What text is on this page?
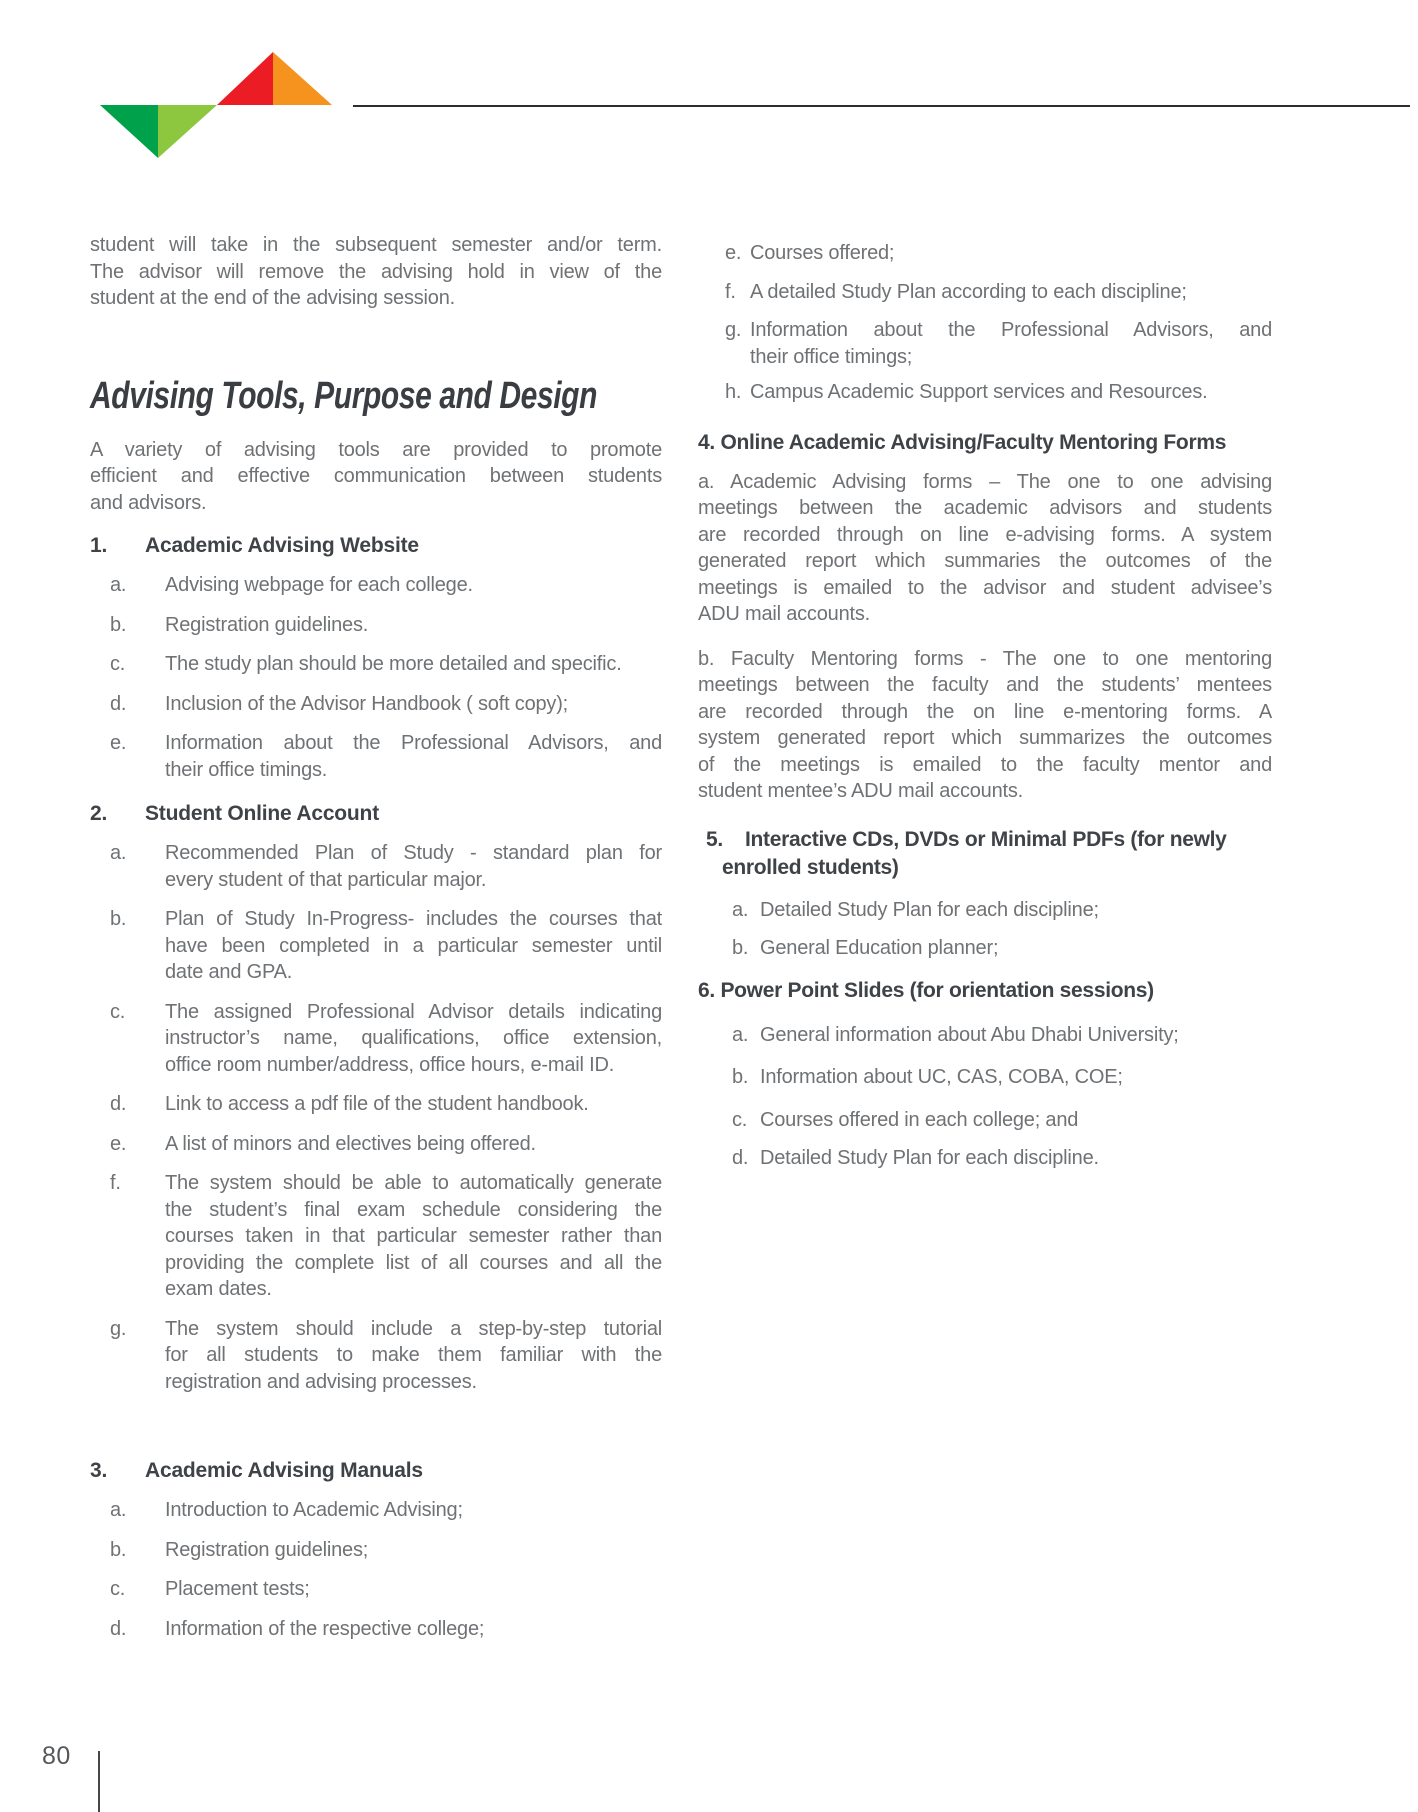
student will take in the subsequent semester and/or term.
The advisor will remove the advising hold in view of the
student at the end of the advising session.
Advising Tools, Purpose and Design
A variety of advising tools are provided to promote
efficient and effective communication between students
and advisors.
1.	Academic Advising Website
a. Advising webpage for each college.
b. Registration guidelines.
c. The study plan should be more detailed and specific.
d. Inclusion of the Advisor Handbook ( soft copy);
e. Information about the Professional Advisors, and
their office timings.
2.	Student Online Account
a. Recommended Plan of Study - standard plan for
every student of that particular major.
b. Plan of Study In-Progress- includes the courses that
have been completed in a particular semester until
date and GPA.
c. The assigned Professional Advisor details indicating
instructor’s name, qualifications, office extension,
office room number/address, office hours, e-mail ID.
d. Link to access a pdf file of the student handbook.
e. A list of minors and electives being offered.
f. The system should be able to automatically generate
the student’s final exam schedule considering the
courses taken in that particular semester rather than
providing the complete list of all courses and all the
exam dates.
g. The system should include a step-by-step tutorial
for all students to make them familiar with the
registration and advising processes.
3.	Academic Advising Manuals
a. Introduction to Academic Advising;
b. Registration guidelines;
c. Placement tests;
d. Information of the respective college;
e. Courses offered;
f. A detailed Study Plan according to each discipline;
g. Information about the Professional Advisors, and
their office timings;
h. Campus Academic Support services and Resources.
4. Online Academic Advising/Faculty Mentoring Forms
a. Academic Advising forms – The one to one advising
meetings between the academic advisors and students
are recorded through on line e-advising forms. A system
generated report which summaries the outcomes of the
meetings is emailed to the advisor and student advisee’s
ADU mail accounts.
b. Faculty Mentoring forms - The one to one mentoring
meetings between the faculty and the students’ mentees
are recorded through the on line e-mentoring forms. A
system generated report which summarizes the outcomes
of the meetings is emailed to the faculty mentor and
student mentee’s ADU mail accounts.
5.	Interactive CDs, DVDs or Minimal PDFs (for newly
enrolled students)
a. Detailed Study Plan for each discipline;
b. General Education planner;
6. Power Point Slides (for orientation sessions)
a. General information about Abu Dhabi University;
b. Information about UC, CAS, COBA, COE;
c. Courses offered in each college; and
d. Detailed Study Plan for each discipline.
80
